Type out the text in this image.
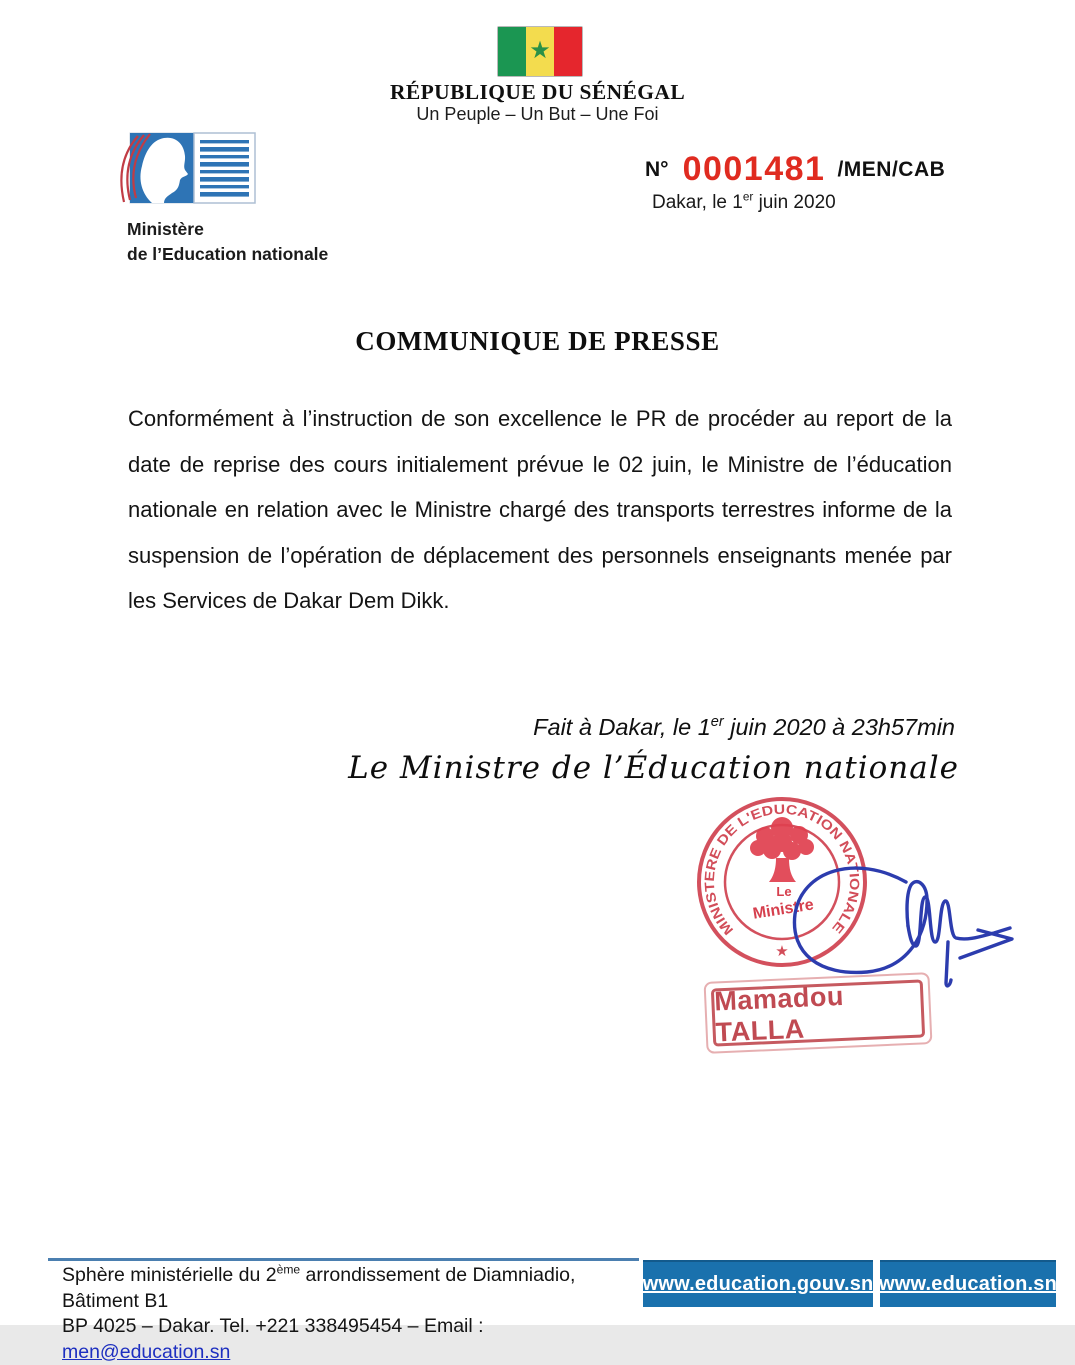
★
RÉPUBLIQUE DU SÉNÉGAL
Un Peuple – Un But – Une Foi
Ministère
de l’Education nationale
N° 0001481 /MEN/CAB
Dakar, le 1er juin 2020
COMMUNIQUE DE PRESSE
Conformément à l’instruction de son excellence le PR de procéder au report de la date de reprise des cours initialement prévue le 02 juin, le Ministre de l’éducation nationale en relation avec le Ministre chargé des transports terrestres informe de la suspension de l’opération de déplacement des personnels enseignants menée par les Services de Dakar Dem Dikk.
Fait à Dakar, le 1er juin 2020 à 23h57min
Le Ministre de l’Éducation nationale
MINISTERE DE L'EDUCATION NATIONALE
★
Le
Ministre
Mamadou TALLA
Sphère ministérielle du 2ème arrondissement de Diamniadio, Bâtiment B1
BP 4025 – Dakar. Tel. +221 338495454 – Email : men@education.sn
www.education.gouv.sn www.education.sn
